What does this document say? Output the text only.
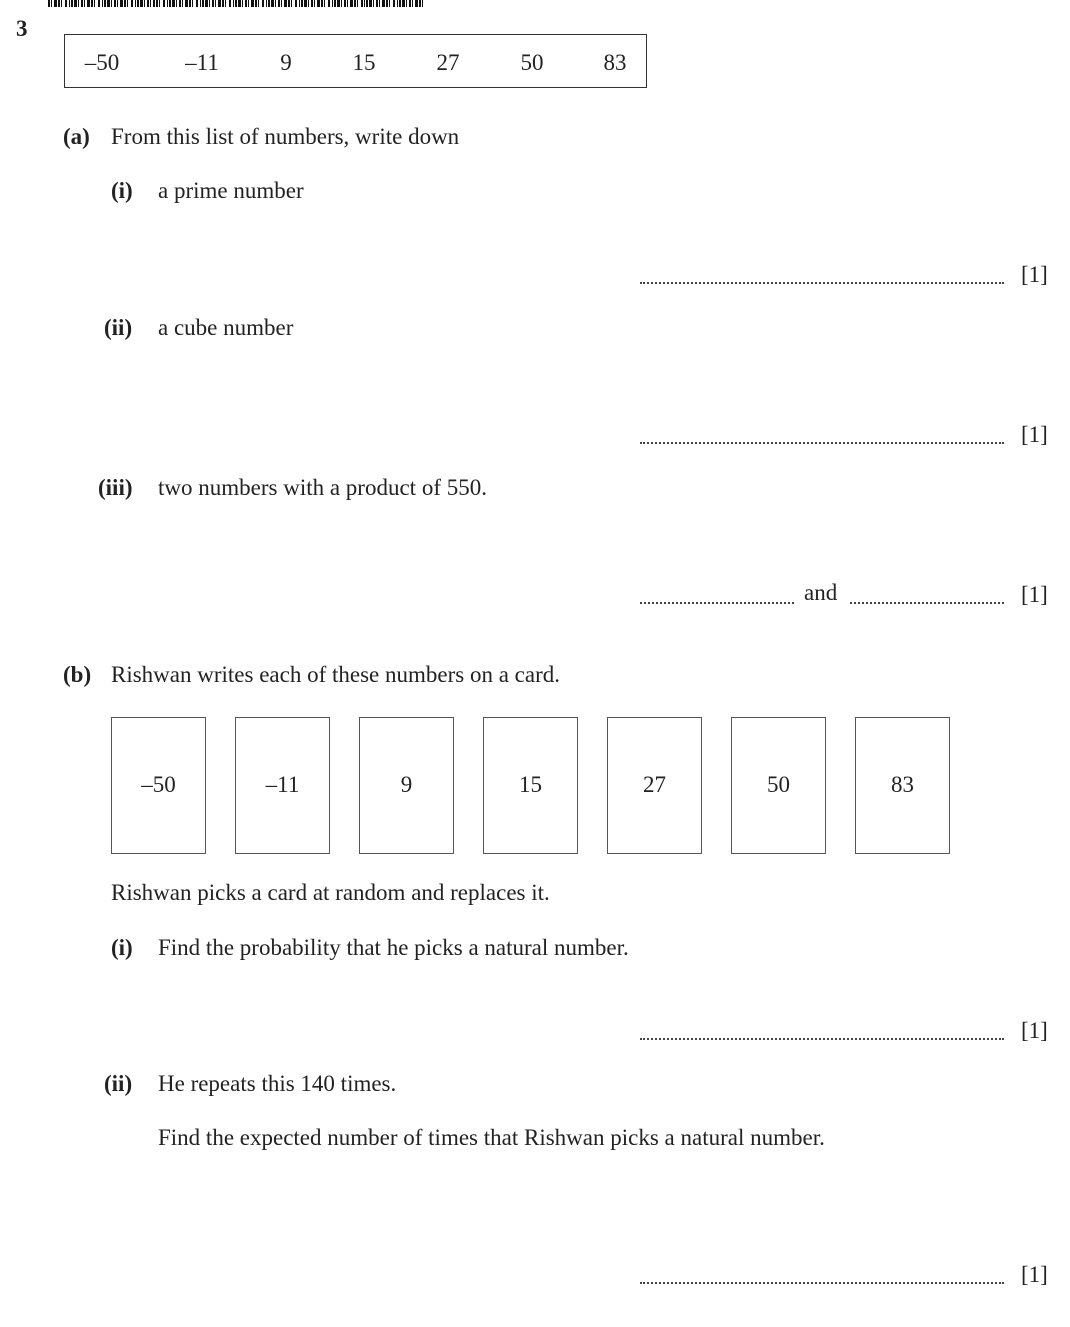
3
–50	–11	9	15	27	50	83
(a) From this list of numbers, write down
(i) a prime number
[1]
(ii) a cube number
[1]
(iii) two numbers with a product of 550.
and	[1]
(b) Rishwan writes each of these numbers on a card.
–50	–11	9	15	27	50	83
Rishwan picks a card at random and replaces it.
(i) Find the probability that he picks a natural number.
[1]
(ii) He repeats this 140 times.
Find the expected number of times that Rishwan picks a natural number.
[1]
